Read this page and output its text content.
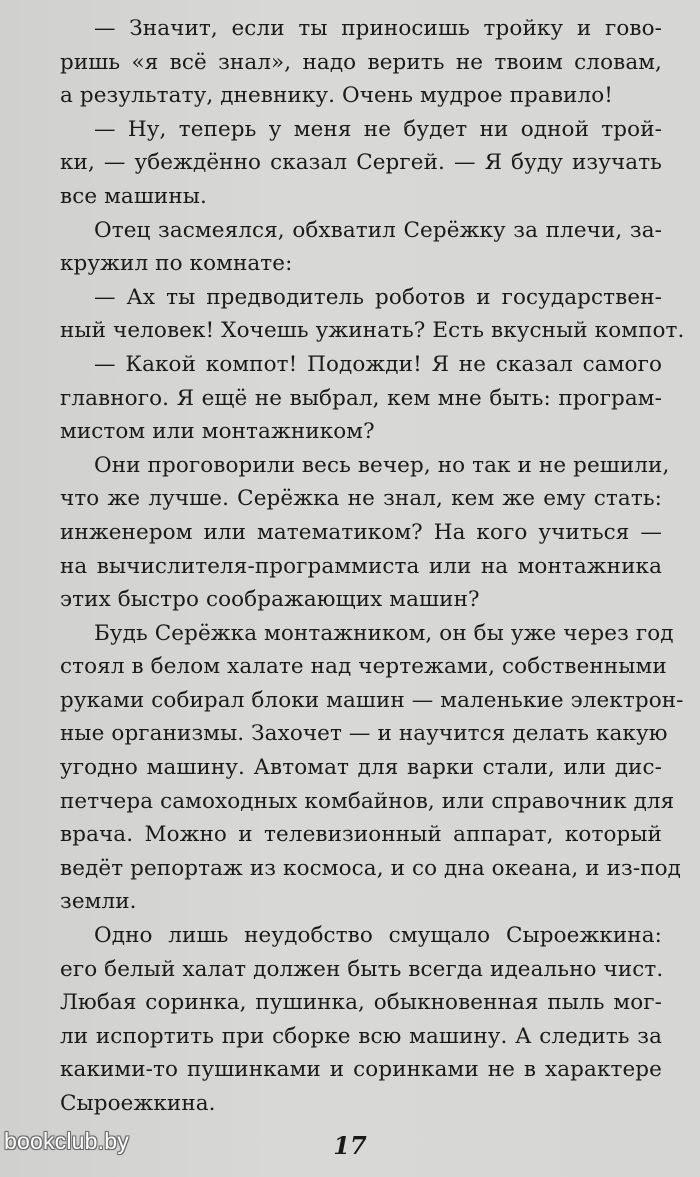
— Значит, если ты приносишь тройку и гово-
ришь «я всё знал», надо верить не твоим словам,
а результату, дневнику. Очень мудрое правило!
— Ну, теперь у меня не будет ни одной трой-
ки, — убеждённо сказал Сергей. — Я буду изучать
все машины.
Отец засмеялся, обхватил Серёжку за плечи, за-
кружил по комнате:
— Ах ты предводитель роботов и государствен-
ный человек! Хочешь ужинать? Есть вкусный компот.
— Какой компот! Подожди! Я не сказал самого
главного. Я ещё не выбрал, кем мне быть: програм-
мистом или монтажником?
Они проговорили весь вечер, но так и не решили,
что же лучше. Серёжка не знал, кем же ему стать:
инженером или математиком? На кого учиться —
на вычислителя-программиста или на монтажника
этих быстро соображающих машин?
Будь Серёжка монтажником, он бы уже через год
стоял в белом халате над чертежами, собственными
руками собирал блоки машин — маленькие электрон-
ные организмы. Захочет — и научится делать какую
угодно машину. Автомат для варки стали, или дис-
петчера самоходных комбайнов, или справочник для
врача. Можно и телевизионный аппарат, который
ведёт репортаж из космоса, и со дна океана, и из-под
земли.
Одно лишь неудобство смущало Сыроежкина:
его белый халат должен быть всегда идеально чист.
Любая соринка, пушинка, обыкновенная пыль мог-
ли испортить при сборке всю машину. А следить за
какими-то пушинками и соринками не в характере
Сыроежкина.
17
bookclub.by
